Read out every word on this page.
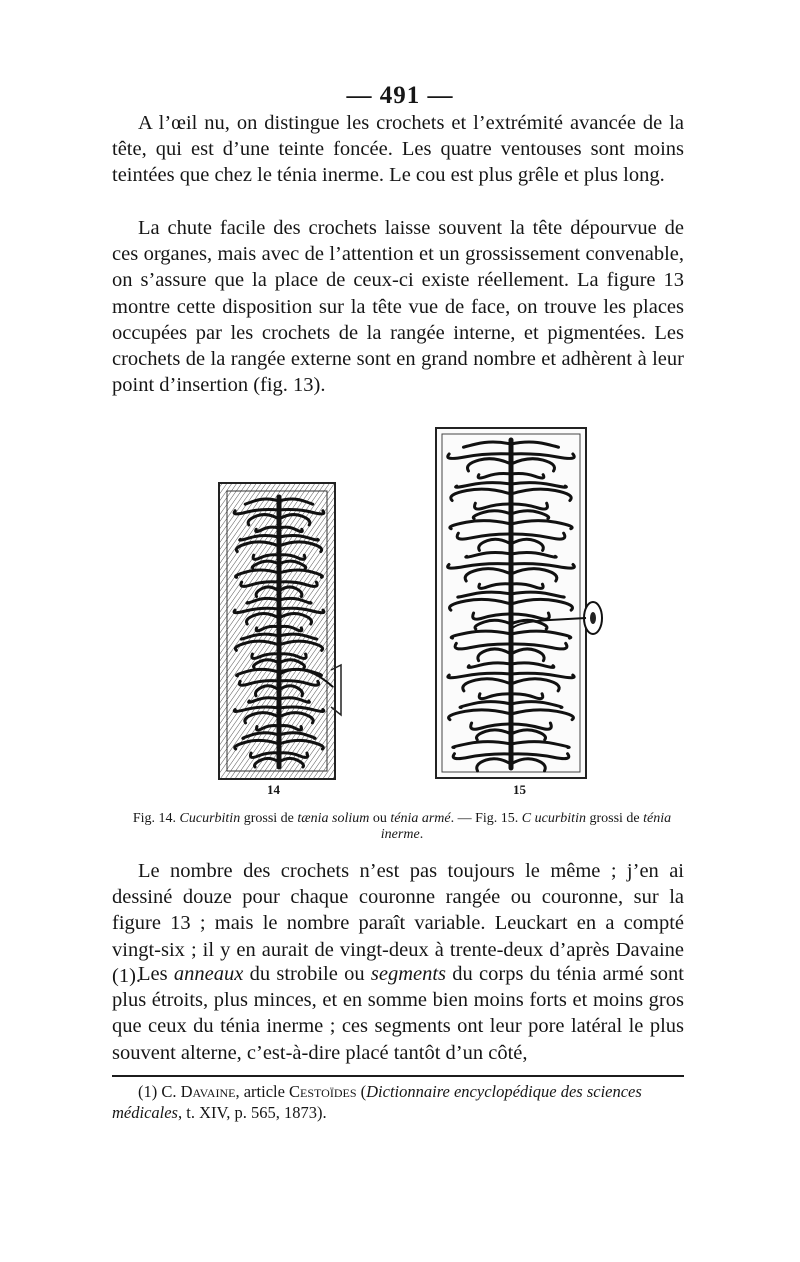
— 491 —
A l’œil nu, on distingue les crochets et l’extrémité avancée de la tête, qui est d’une teinte foncée. Les quatre ventouses sont moins teintées que chez le ténia inerme. Le cou est plus grêle et plus long.
La chute facile des crochets laisse souvent la tête dépourvue de ces organes, mais avec de l’attention et un grossissement convenable, on s’assure que la place de ceux-ci existe réellement. La figure 13 montre cette disposition sur la tête vue de face, on trouve les places occupées par les crochets de la rangée interne, et pigmentées. Les crochets de la rangée externe sont en grand nombre et adhèrent à leur point d’insertion (fig. 13).
14	15
Fig. 14. Cucurbitin grossi de tænia solium ou ténia armé. — Fig. 15. C ucurbitin grossi de ténia inerme.
Le nombre des crochets n’est pas toujours le même ; j’en ai dessiné douze pour chaque couronne rangée ou couronne, sur la figure 13 ; mais le nombre paraît variable. Leuckart en a compté vingt-six ; il y en aurait de vingt-deux à trente-deux d’après Davaine (1).
Les anneaux du strobile ou segments du corps du ténia armé sont plus étroits, plus minces, et en somme bien moins forts et moins gros que ceux du ténia inerme ; ces segments ont leur pore latéral le plus souvent alterne, c’est-à-dire placé tantôt d’un côté,
(1) C. Davaine, article Cestoïdes (Dictionnaire encyclopédique des sciences médicales, t. XIV, p. 565, 1873).
